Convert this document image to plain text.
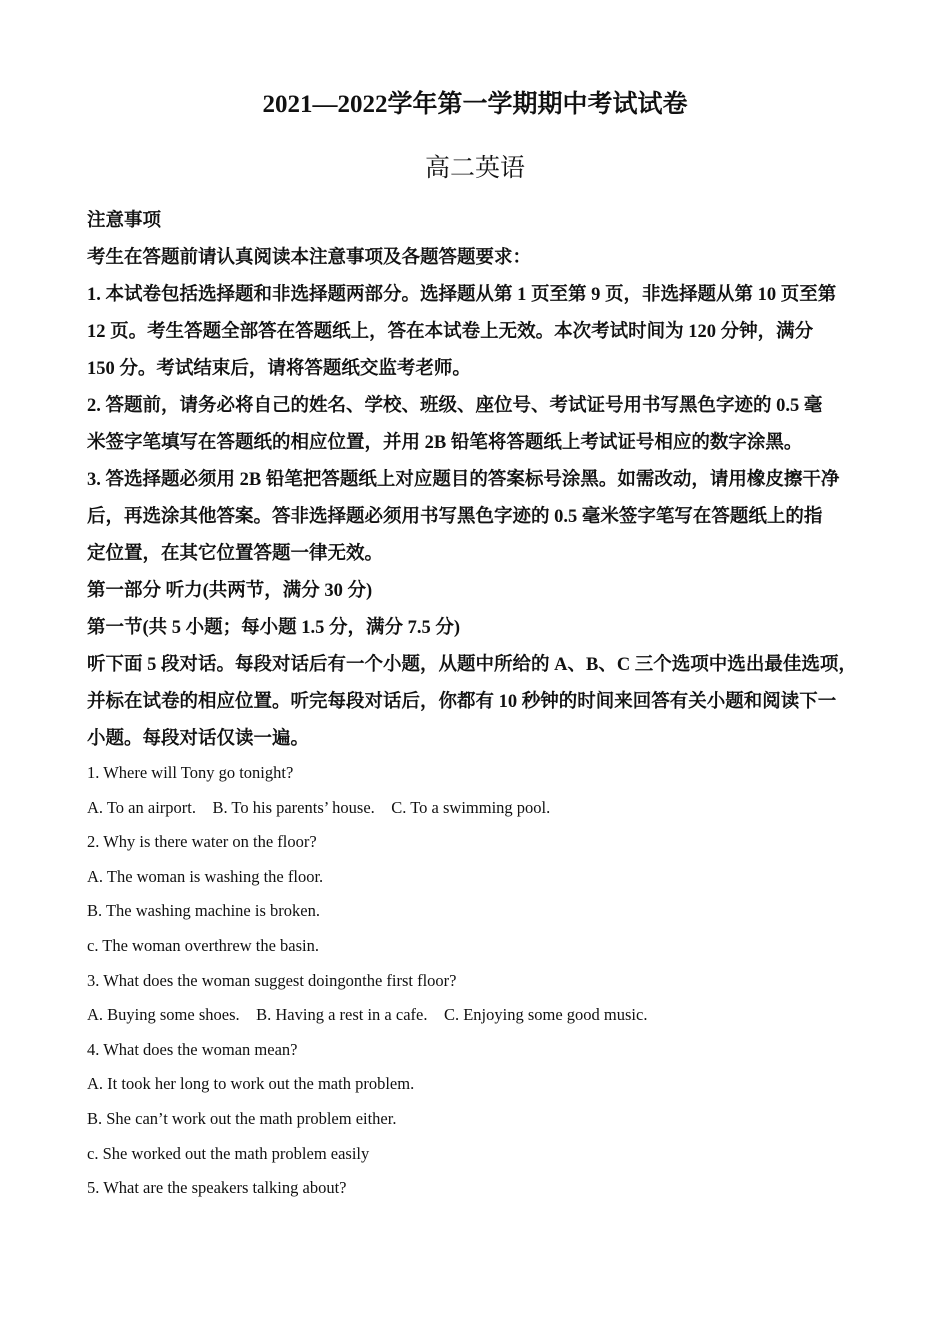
2021—2022学年第一学期期中考试试卷
高二英语

注意事项

考生在答题前请认真阅读本注意事项及各题答题要求：

1. 本试卷包括选择题和非选择题两部分。选择题从第 1 页至第 9 页，非选择题从第 10 页至第

12 页。考生答题全部答在答题纸上，答在本试卷上无效。本次考试时间为 120 分钟，满分

150 分。考试结束后，请将答题纸交监考老师。

2. 答题前，请务必将自己的姓名、学校、班级、座位号、考试证号用书写黑色字迹的 0.5 毫

米签字笔填写在答题纸的相应位置，并用 2B 铅笔将答题纸上考试证号相应的数字涂黑。

3. 答选择题必须用 2B 铅笔把答题纸上对应题目的答案标号涂黑。如需改动，请用橡皮擦干净

后，再选涂其他答案。答非选择题必须用书写黑色字迹的 0.5 毫米签字笔写在答题纸上的指

定位置，在其它位置答题一律无效。

第一部分 听力(共两节，满分 30 分)

第一节(共 5 小题；每小题 1.5 分，满分 7.5 分)

听下面 5 段对话。每段对话后有一个小题，从题中所给的 A、B、C 三个选项中选出最佳选项，

并标在试卷的相应位置。听完每段对话后，你都有 10 秒钟的时间来回答有关小题和阅读下一

小题。每段对话仅读一遍。

1. Where will Tony go tonight?

A. To an airport.    B. To his parents’ house.    C. To a swimming pool.

2. Why is there water on the floor?

A. The woman is washing the floor.

B. The washing machine is broken.

c. The woman overthrew the basin.

3. What does the woman suggest doingonthe first floor?

A. Buying some shoes.    B. Having a rest in a cafe.    C. Enjoying some good music.

4. What does the woman mean?

A. It took her long to work out the math problem.

B. She can’t work out the math problem either.

c. She worked out the math problem easily

5. What are the speakers talking about?
